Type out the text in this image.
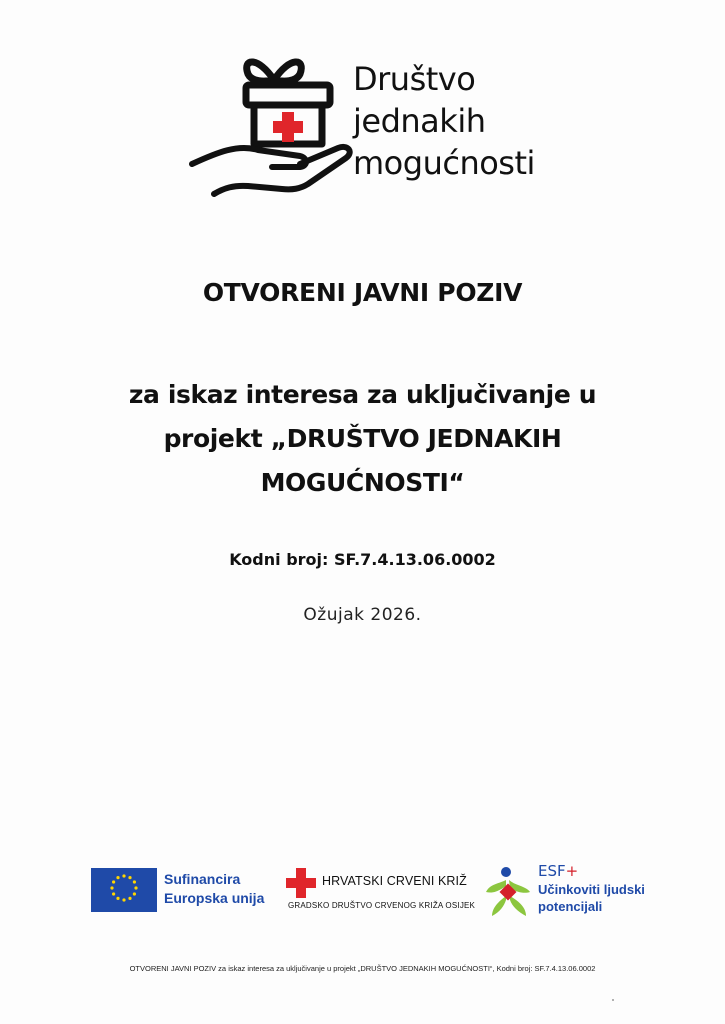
Društvo
jednakih
mogućnosti
OTVORENI JAVNI POZIV
za iskaz interesa za uključivanje u
projekt „DRUŠTVO JEDNAKIH
MOGUĆNOSTI“
Kodni broj: SF.7.4.13.06.0002
Ožujak 2026.
Sufinancira
Europska unija
HRVATSKI CRVENI KRIŽ
GRADSKO DRUŠTVO CRVENOG KRIŽA OSIJEK
ESF+
Učinkoviti ljudski
potencijali
OTVORENI JAVNI POZIV za iskaz interesa za uključivanje u projekt „DRUŠTVO JEDNAKIH MOGUĆNOSTI“, Kodni broj: SF.7.4.13.06.0002
